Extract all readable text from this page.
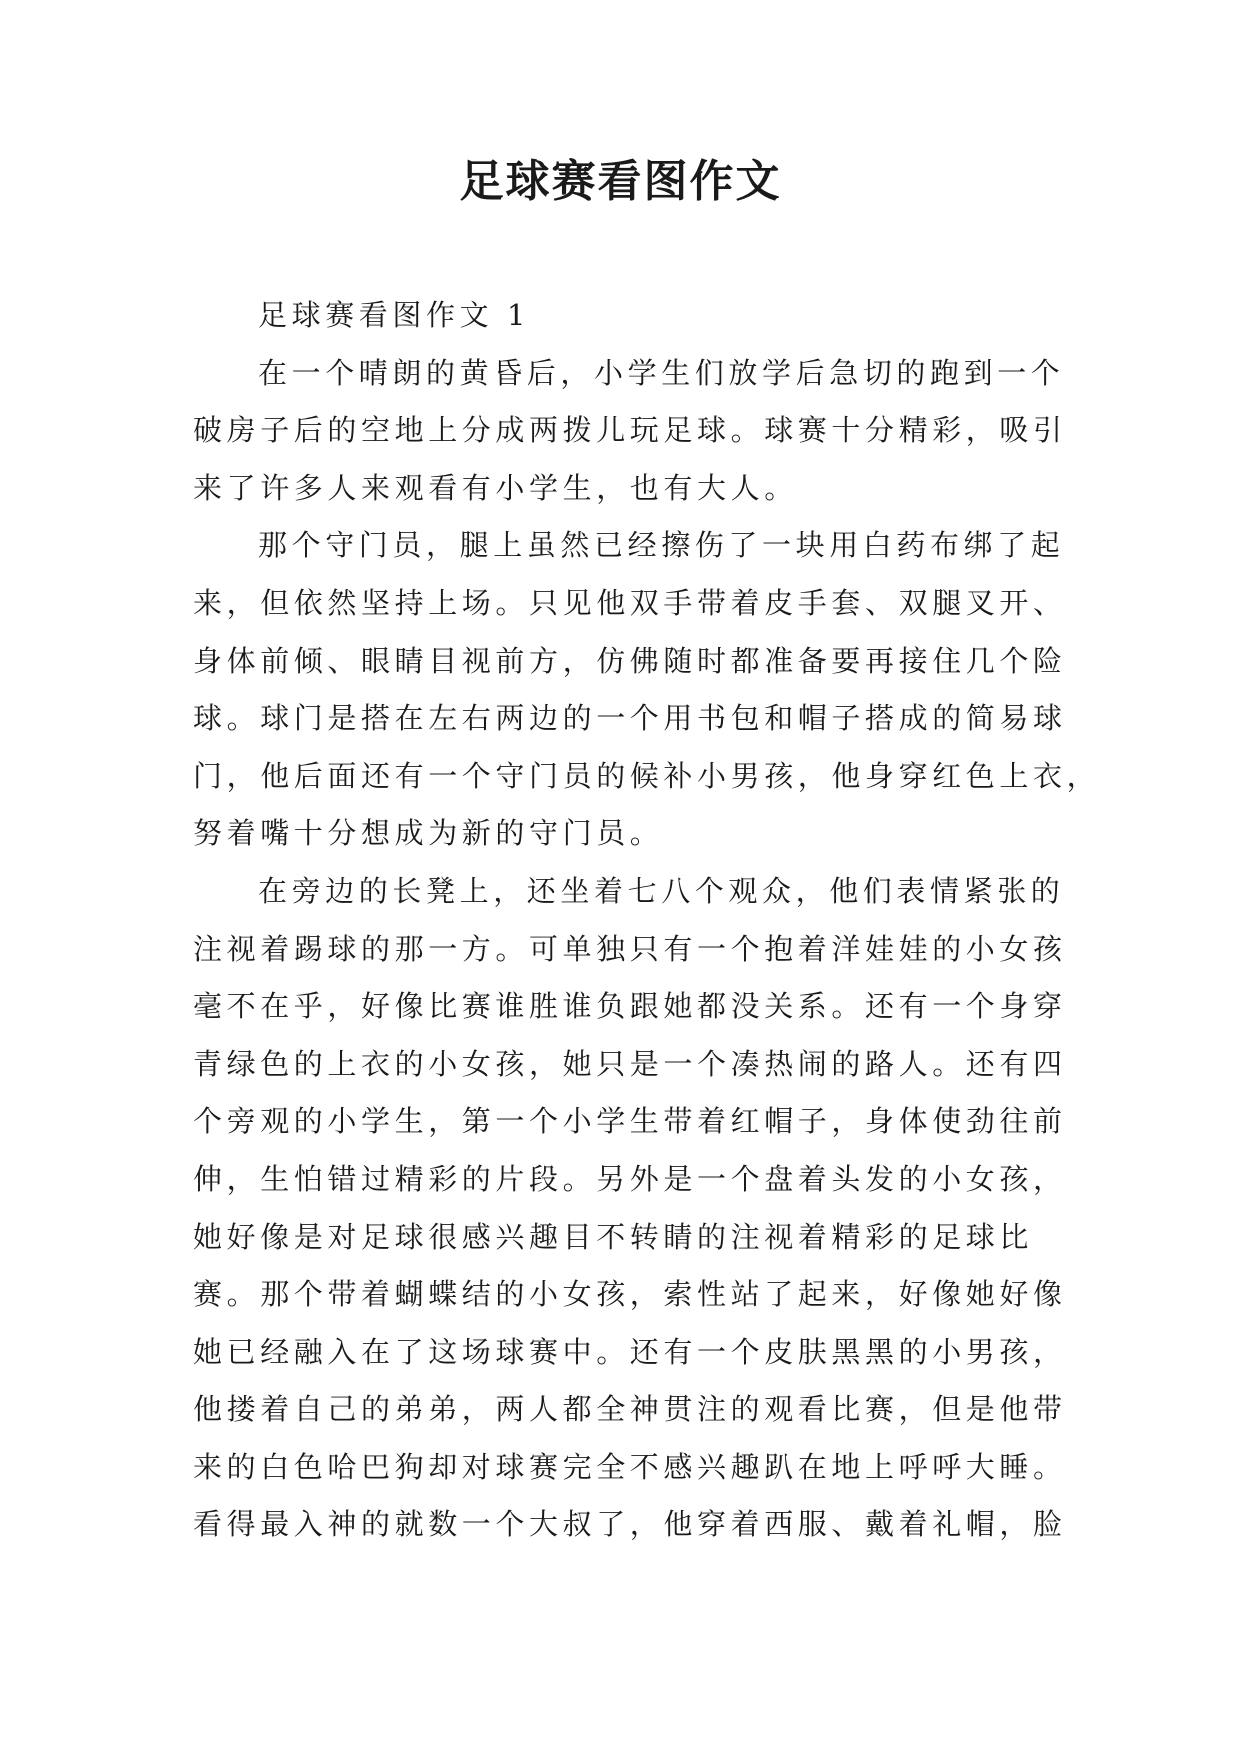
足球赛看图作文
足球赛看图作文 1
在一个晴朗的黄昏后，小学生们放学后急切的跑到一个
破房子后的空地上分成两拨儿玩足球。球赛十分精彩，吸引
来了许多人来观看有小学生，也有大人。
那个守门员，腿上虽然已经擦伤了一块用白药布绑了起
来，但依然坚持上场。只见他双手带着皮手套、双腿叉开、
身体前倾、眼睛目视前方，仿佛随时都准备要再接住几个险
球。球门是搭在左右两边的一个用书包和帽子搭成的简易球
门，他后面还有一个守门员的候补小男孩，他身穿红色上衣，
努着嘴十分想成为新的守门员。
在旁边的长凳上，还坐着七八个观众，他们表情紧张的
注视着踢球的那一方。可单独只有一个抱着洋娃娃的小女孩
毫不在乎，好像比赛谁胜谁负跟她都没关系。还有一个身穿
青绿色的上衣的小女孩，她只是一个凑热闹的路人。还有四
个旁观的小学生，第一个小学生带着红帽子，身体使劲往前
伸，生怕错过精彩的片段。另外是一个盘着头发的小女孩，
她好像是对足球很感兴趣目不转睛的注视着精彩的足球比
赛。那个带着蝴蝶结的小女孩，索性站了起来，好像她好像
她已经融入在了这场球赛中。还有一个皮肤黑黑的小男孩，
他搂着自己的弟弟，两人都全神贯注的观看比赛，但是他带
来的白色哈巴狗却对球赛完全不感兴趣趴在地上呼呼大睡。
看得最入神的就数一个大叔了，他穿着西服、戴着礼帽，脸
